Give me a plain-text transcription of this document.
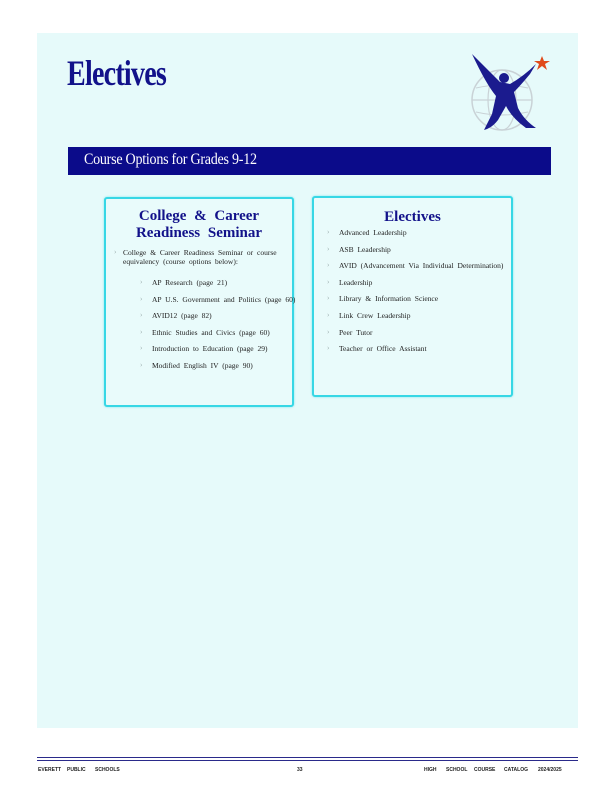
Electives
Course Options for Grades 9-12
College & Career
Readiness Seminar
› College & Career Readiness Seminar or course equivalency (course options below):
› AP Research (page 21)
› AP U.S. Government and Politics (page 60)
› AVID12 (page 82)
› Ethnic Studies and Civics (page 60)
› Introduction to Education (page 29)
› Modified English IV (page 90)
Electives
› Advanced Leadership
› ASB Leadership
› AVID (Advancement Via Individual Determination)
› Leadership
› Library & Information Science
› Link Crew Leadership
› Peer Tutor
› Teacher or Office Assistant
EVERETT PUBLIC SCHOOLS	33	HIGH SCHOOL COURSE CATALOG 2024/2025
